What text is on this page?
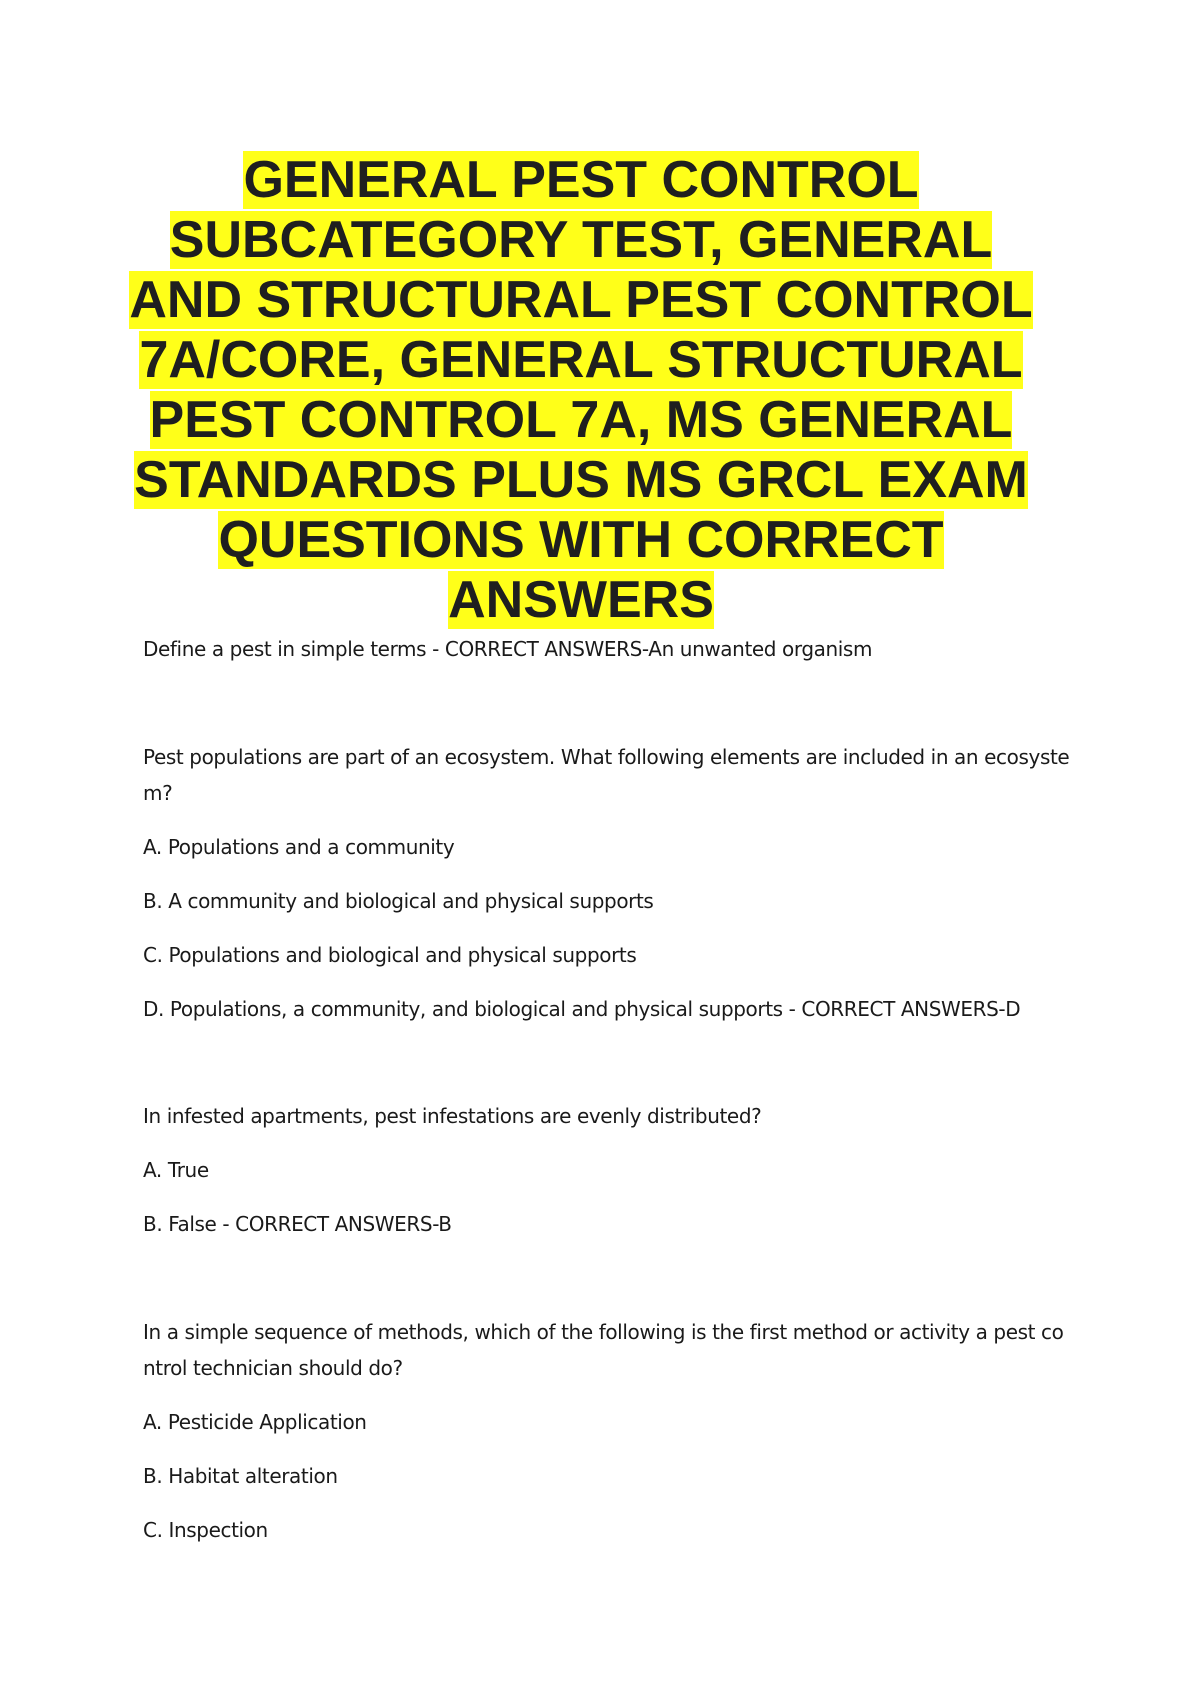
GENERAL PEST CONTROL SUBCATEGORY TEST, GENERAL AND STRUCTURAL PEST CONTROL 7A/CORE, GENERAL STRUCTURAL PEST CONTROL 7A, MS GENERAL STANDARDS PLUS MS GRCL EXAM QUESTIONS WITH CORRECT ANSWERS
Define a pest in simple terms - CORRECT ANSWERS-An unwanted organism
Pest populations are part of an ecosystem. What following elements are included in an ecosyste
m?
A. Populations and a community
B. A community and biological and physical supports
C. Populations and biological and physical supports
D. Populations, a community, and biological and physical supports - CORRECT ANSWERS-D
In infested apartments, pest infestations are evenly distributed?
A. True
B. False - CORRECT ANSWERS-B
In a simple sequence of methods, which of the following is the first method or activity a pest co
ntrol technician should do?
A. Pesticide Application
B. Habitat alteration
C. Inspection
